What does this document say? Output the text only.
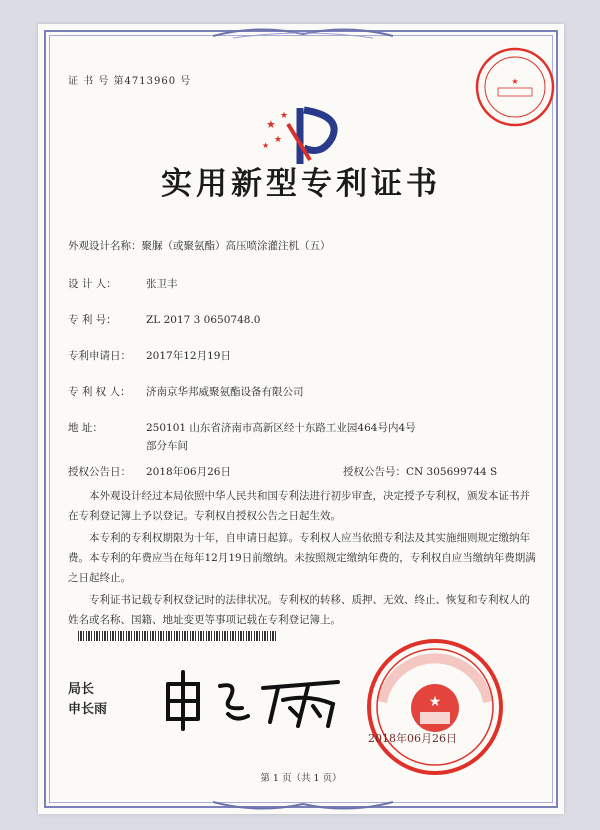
证 书 号 第4713960 号	★
★
★
★
★
实用新型专利证书
外观设计名称：聚脲（或聚氨酯）高压喷涂灌注机（五）
设 计 人：	张卫丰
专 利 号：	ZL 2017 3 0650748.0
专利申请日： 2017年12月19日
专 利 权 人： 济南京华邦威聚氨酯设备有限公司
地 址：	250101 山东省济南市高新区经十东路工业园464号内4号
部分车间
授权公告日： 2018年06月26日	授权公告号：CN 305699744 S

本外观设计经过本局依照中华人民共和国专利法进行初步审查，决定授予专利权，颁发本证书并在专利登记簿上予以登记。专利权自授权公告之日起生效。

本专利的专利权期限为十年，自申请日起算。专利权人应当依照专利法及其实施细则规定缴纳年费。本专利的年费应当在每年12月19日前缴纳。未按照规定缴纳年费的，专利权自应当缴纳年费期满之日起终止。

专利证书记载专利权登记时的法律状况。专利权的转移、质押、无效、终止、恢复和专利权人的姓名或名称、国籍、地址变更等事项记载在专利登记簿上。

局长
申长雨	★
2018年06月26日
第 1 页（共 1 页）
